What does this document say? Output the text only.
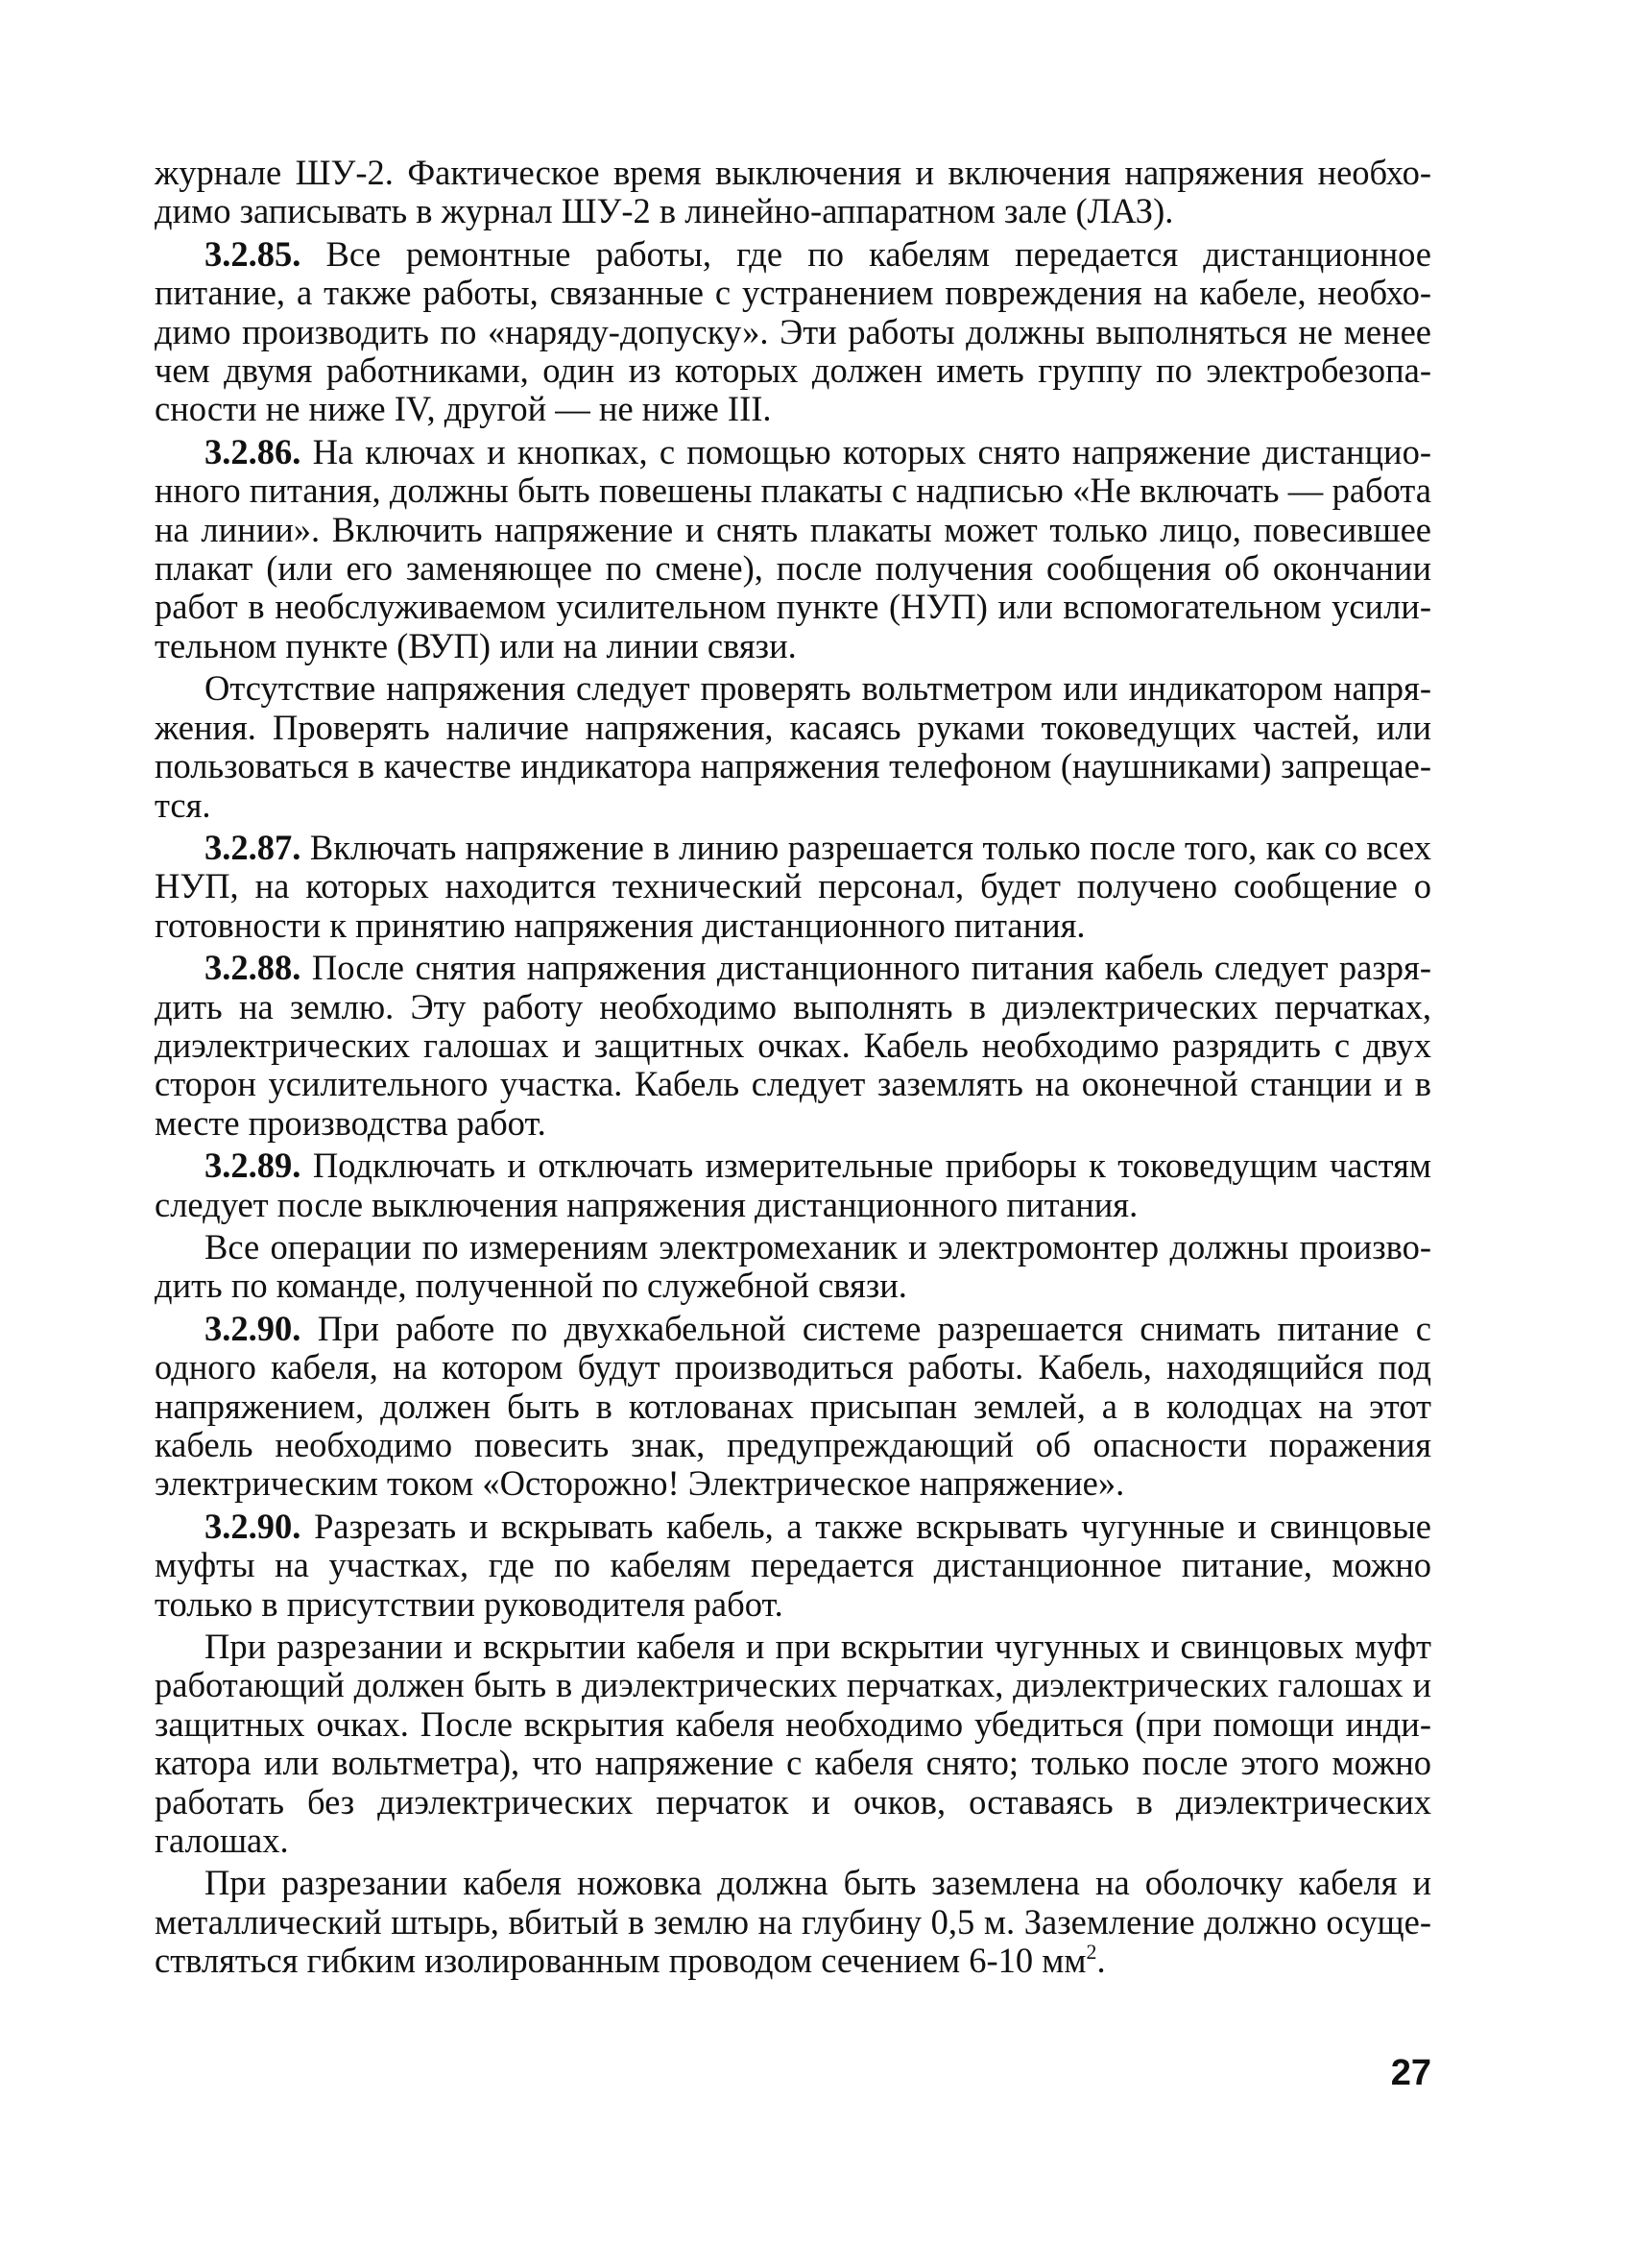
журнале ШУ-2. Фактическое время выключения и включения напряжения необходимо записывать в журнал ШУ-2 в линейно-аппаратном зале (ЛАЗ).

3.2.85. Все ремонтные работы, где по кабелям передается дистанционное питание, а также работы, связанные с устранением повреждения на кабеле, необходимо производить по «наряду-допуску». Эти работы должны выполняться не менее чем двумя работниками, один из которых должен иметь группу по электробезопасности не ниже IV, другой — не ниже III.

3.2.86. На ключах и кнопках, с помощью которых снято напряжение дистанционного питания, должны быть повешены плакаты с надписью «Не включать — работа на линии». Включить напряжение и снять плакаты может только лицо, повесившее плакат (или его заменяющее по смене), после получения сообщения об окончании работ в необслуживаемом усилительном пункте (НУП) или вспомогательном усилительном пункте (ВУП) или на линии связи.

Отсутствие напряжения следует проверять вольтметром или индикатором напряжения. Проверять наличие напряжения, касаясь руками токоведущих частей, или пользоваться в качестве индикатора напряжения телефоном (наушниками) запрещается.

3.2.87. Включать напряжение в линию разрешается только после того, как со всех НУП, на которых находится технический персонал, будет получено сообщение о готовности к принятию напряжения дистанционного питания.

3.2.88. После снятия напряжения дистанционного питания кабель следует разрядить на землю. Эту работу необходимо выполнять в диэлектрических перчатках, диэлектрических галошах и защитных очках. Кабель необходимо разрядить с двух сторон усилительного участка. Кабель следует заземлять на оконечной станции и в месте производства работ.

3.2.89. Подключать и отключать измерительные приборы к токоведущим частям следует после выключения напряжения дистанционного питания.

Все операции по измерениям электромеханик и электромонтер должны производить по команде, полученной по служебной связи.

3.2.90. При работе по двухкабельной системе разрешается снимать питание с одного кабеля, на котором будут производиться работы. Кабель, находящийся под напряжением, должен быть в котлованах присыпан землей, а в колодцах на этот кабель необходимо повесить знак, предупреждающий об опасности поражения электрическим током «Осторожно! Электрическое напряжение».

3.2.90. Разрезать и вскрывать кабель, а также вскрывать чугунные и свинцовые муфты на участках, где по кабелям передается дистанционное питание, можно только в присутствии руководителя работ.

При разрезании и вскрытии кабеля и при вскрытии чугунных и свинцовых муфт работающий должен быть в диэлектрических перчатках, диэлектрических галошах и защитных очках. После вскрытия кабеля необходимо убедиться (при помощи индикатора или вольтметра), что напряжение с кабеля снято; только после этого можно работать без диэлектрических перчаток и очков, оставаясь в диэлектрических галошах.

При разрезании кабеля ножовка должна быть заземлена на оболочку кабеля и металлический штырь, вбитый в землю на глубину 0,5 м. Заземление должно осуществляться гибким изолированным проводом сечением 6-10 $мм^2$.

27
